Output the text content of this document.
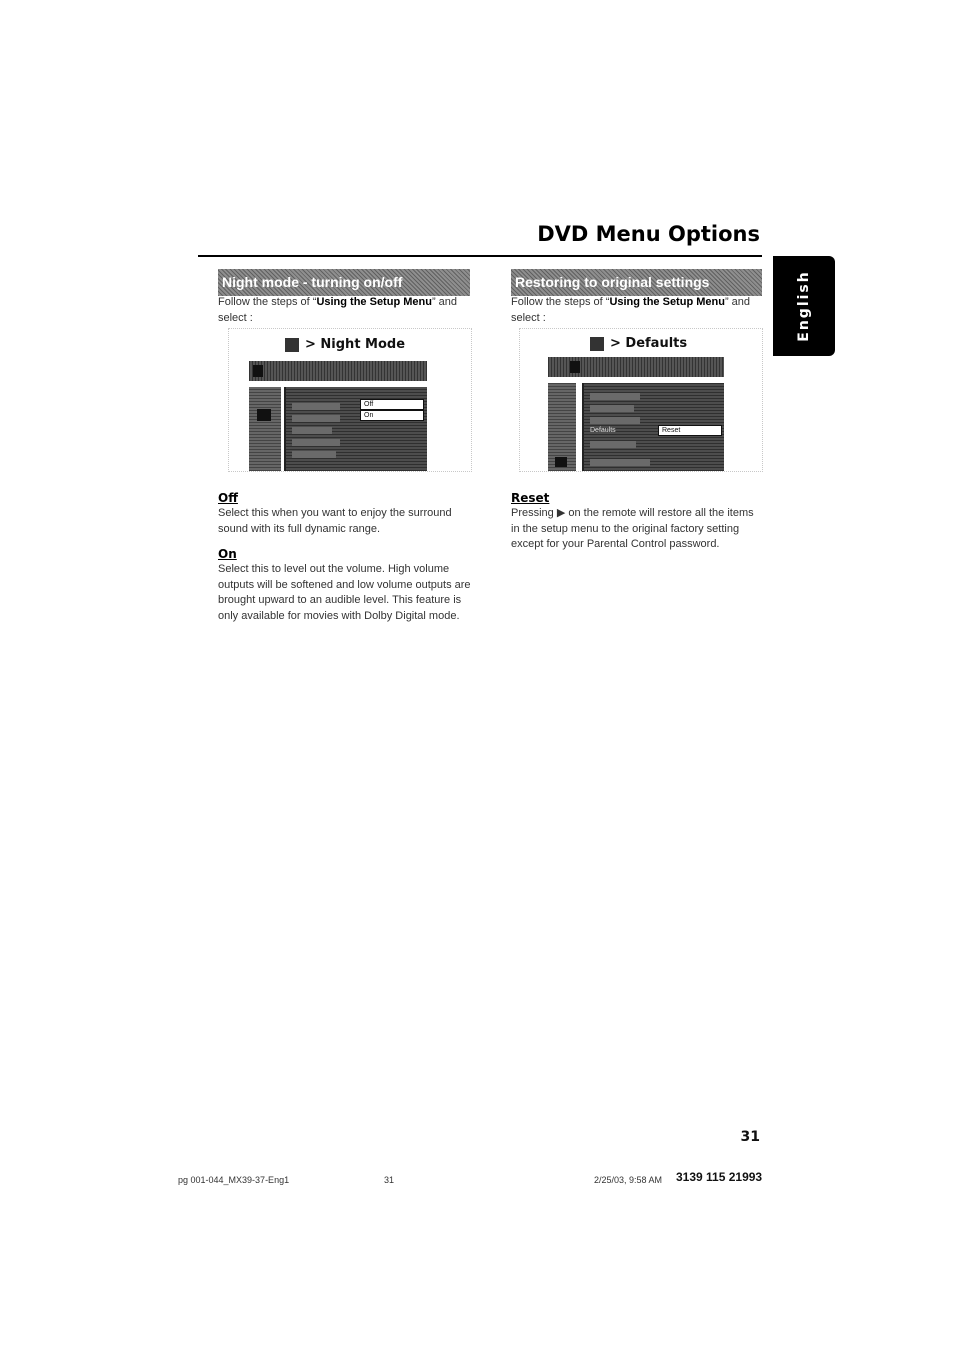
DVD Menu Options
English
Night mode - turning on/off
Follow the steps of “Using the Setup Menu” and select :
> Night Mode
Off
On
Off
Select this when you want to enjoy the surround sound with its full dynamic range.
On
Select this to level out the volume. High volume outputs will be softened and low volume outputs are brought upward to an audible level. This feature is only available for movies with Dolby Digital mode.
Restoring to original settings
Follow the steps of “Using the Setup Menu” and select :
> Defaults
Defaults	Reset
Reset
Pressing ▶ on the remote will restore all the items in the setup menu to the original factory setting except for your Parental Control password.
31
pg 001-044_MX39-37-Eng1	31	2/25/03, 9:58 AM 3139 115 21993
